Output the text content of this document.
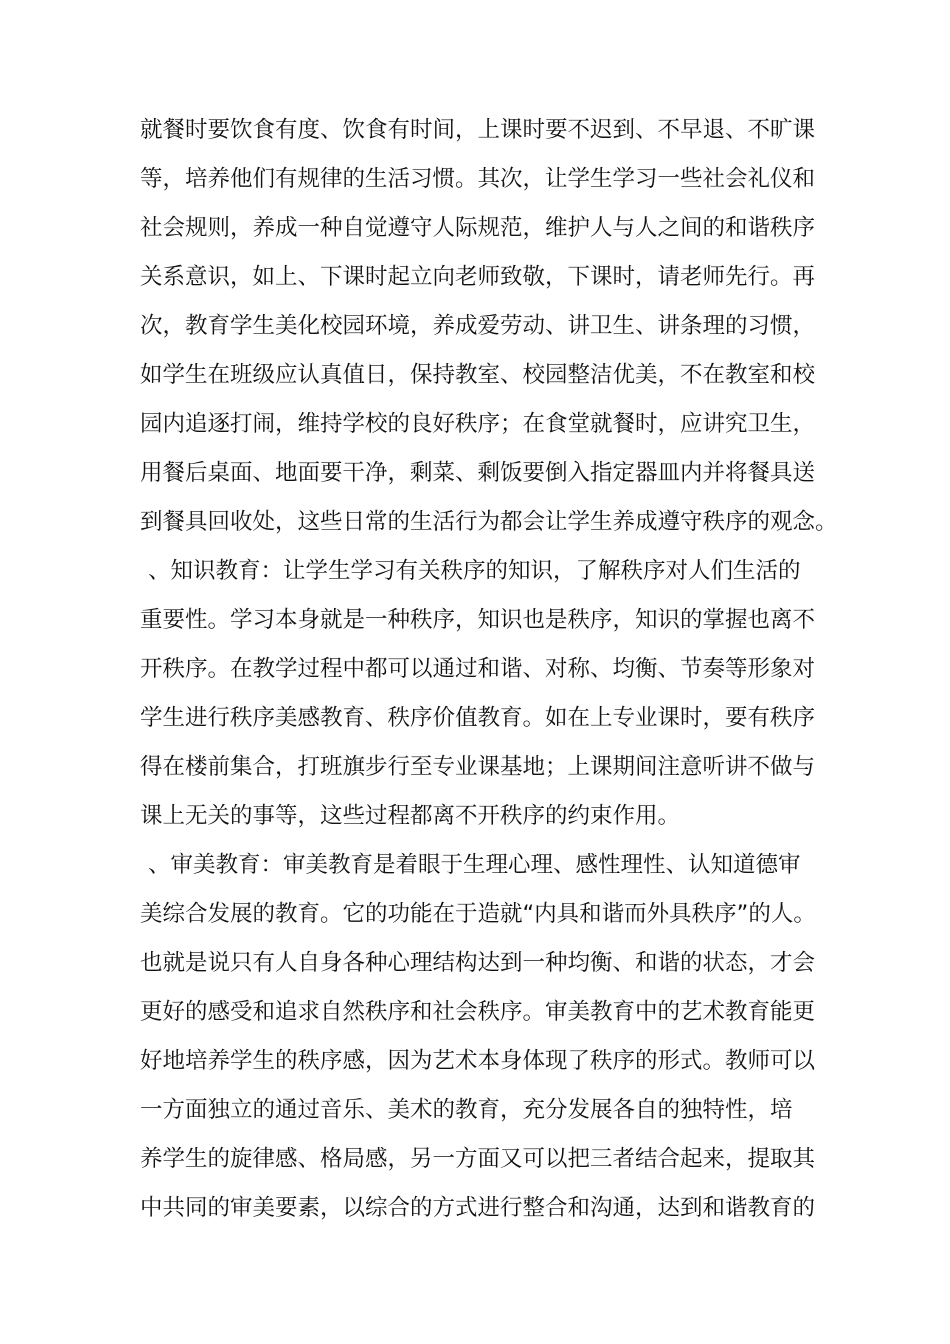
就餐时要饮食有度、饮食有时间，上课时要不迟到、不早退、不旷课
等，培养他们有规律的生活习惯。其次，让学生学习一些社会礼仪和
社会规则，养成一种自觉遵守人际规范，维护人与人之间的和谐秩序
关系意识，如上、下课时起立向老师致敬，下课时，请老师先行。再
次，教育学生美化校园环境，养成爱劳动、讲卫生、讲条理的习惯，
如学生在班级应认真值日，保持教室、校园整洁优美，不在教室和校
园内追逐打闹，维持学校的良好秩序；在食堂就餐时，应讲究卫生，
用餐后桌面、地面要干净，剩菜、剩饭要倒入指定器皿内并将餐具送
到餐具回收处，这些日常的生活行为都会让学生养成遵守秩序的观念。
、知识教育：让学生学习有关秩序的知识，了解秩序对人们生活的
重要性。学习本身就是一种秩序，知识也是秩序，知识的掌握也离不
开秩序。在教学过程中都可以通过和谐、对称、均衡、节奏等形象对
学生进行秩序美感教育、秩序价值教育。如在上专业课时，要有秩序
得在楼前集合，打班旗步行至专业课基地；上课期间注意听讲不做与
课上无关的事等，这些过程都离不开秩序的约束作用。
、审美教育：审美教育是着眼于生理心理、感性理性、认知道德审
美综合发展的教育。它的功能在于造就“内具和谐而外具秩序”的人。
也就是说只有人自身各种心理结构达到一种均衡、和谐的状态，才会
更好的感受和追求自然秩序和社会秩序。审美教育中的艺术教育能更
好地培养学生的秩序感，因为艺术本身体现了秩序的形式。教师可以
一方面独立的通过音乐、美术的教育，充分发展各自的独特性，培
养学生的旋律感、格局感，另一方面又可以把三者结合起来，提取其
中共同的审美要素，以综合的方式进行整合和沟通，达到和谐教育的
